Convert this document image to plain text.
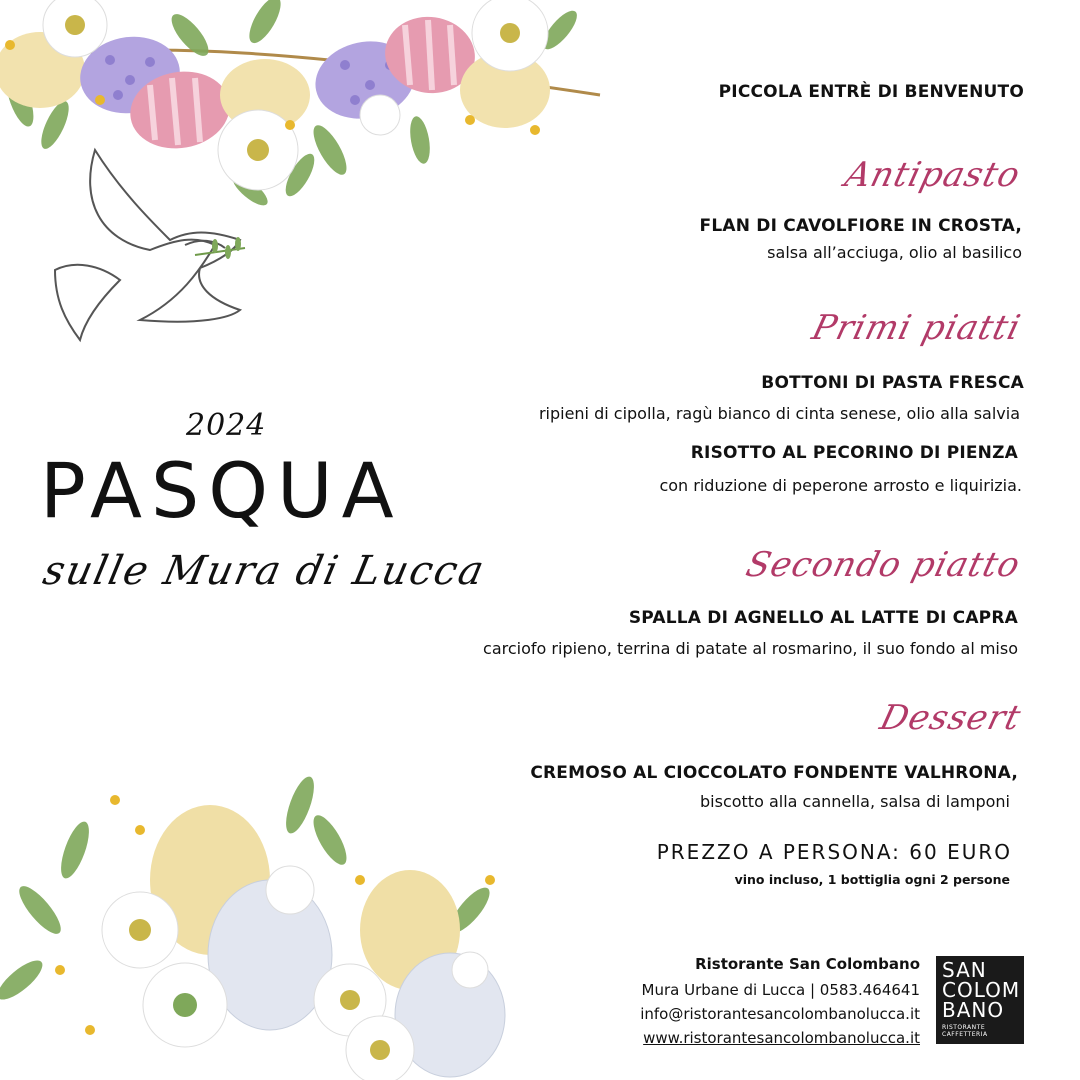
2024
PASQUA
sulle Mura di Lucca
PICCOLA ENTRÈ DI BENVENUTO
Antipasto
FLAN DI CAVOLFIORE IN CROSTA,
salsa all’acciuga, olio al basilico
Primi piatti
BOTTONI DI PASTA FRESCA
ripieni di cipolla, ragù bianco di cinta senese, olio alla salvia
RISOTTO AL PECORINO DI PIENZA
con riduzione di peperone arrosto e liquirizia.
Secondo piatto
SPALLA DI AGNELLO AL LATTE DI CAPRA
carciofo ripieno, terrina di patate al rosmarino, il suo fondo al miso
Dessert
CREMOSO AL CIOCCOLATO FONDENTE VALHRONA,
biscotto alla cannella, salsa di lamponi
PREZZO A PERSONA: 60 EURO
vino incluso, 1 bottiglia ogni 2 persone
Ristorante San Colombano
Mura Urbane di Lucca | 0583.464641
info@ristorantesancolombanolucca.it
www.ristorantesancolombanolucca.it
SAN
COLOM
BANO
RISTORANTE CAFFETTERIA
